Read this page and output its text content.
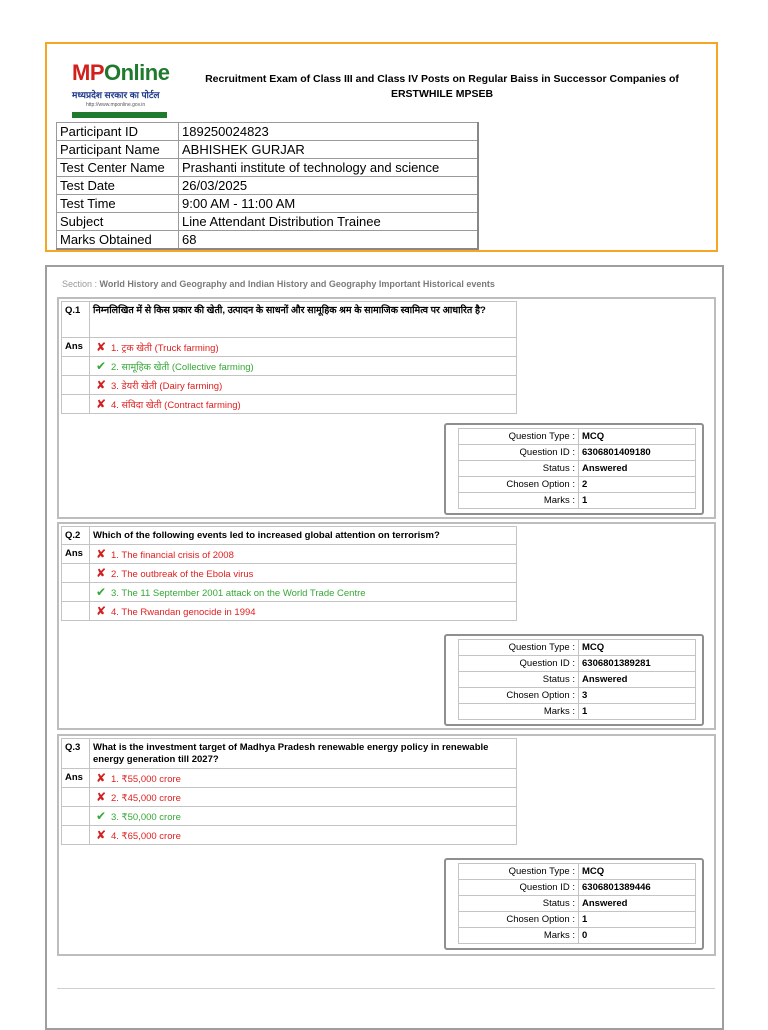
MPOnline
मध्यप्रदेश सरकार का पोर्टल
http://www.mponline.gov.in
Recruitment Exam of Class III and Class IV Posts on Regular Baiss in Successor Companies of
ERSTWHILE MPSEB
Participant ID	189250024823
Participant Name	ABHISHEK GURJAR
Test Center Name	Prashanti institute of technology and science
Test Date	26/03/2025
Test Time	9:00 AM - 11:00 AM
Subject	Line Attendant Distribution Trainee
Marks Obtained	68
Section : World History and Geography and Indian History and Geography Important Historical events
Q.1	निम्नलिखित में से किस प्रकार की खेती, उत्पादन के साधनों और सामूहिक श्रम के सामाजिक स्वामित्व पर आधारित है?
Ans	✘ 1. ट्रक खेती (Truck farming)
	✔ 2. सामूहिक खेती (Collective farming)
	✘ 3. डेयरी खेती (Dairy farming)
	✘ 4. संविदा खेती (Contract farming)
Question Type :	MCQ
Question ID :	6306801409180
Status :	Answered
Chosen Option :	2
Marks :	1
Q.2	Which of the following events led to increased global attention on terrorism?
Ans	✘ 1. The financial crisis of 2008
	✘ 2. The outbreak of the Ebola virus
	✔ 3. The 11 September 2001 attack on the World Trade Centre
	✘ 4. The Rwandan genocide in 1994
Question Type :	MCQ
Question ID :	6306801389281
Status :	Answered
Chosen Option :	3
Marks :	1
Q.3	What is the investment target of Madhya Pradesh renewable energy policy in renewable energy generation till 2027?
Ans	✘ 1. ₹55,000 crore
	✘ 2. ₹45,000 crore
	✔ 3. ₹50,000 crore
	✘ 4. ₹65,000 crore
Question Type :	MCQ
Question ID :	6306801389446
Status :	Answered
Chosen Option :	1
Marks :	0
